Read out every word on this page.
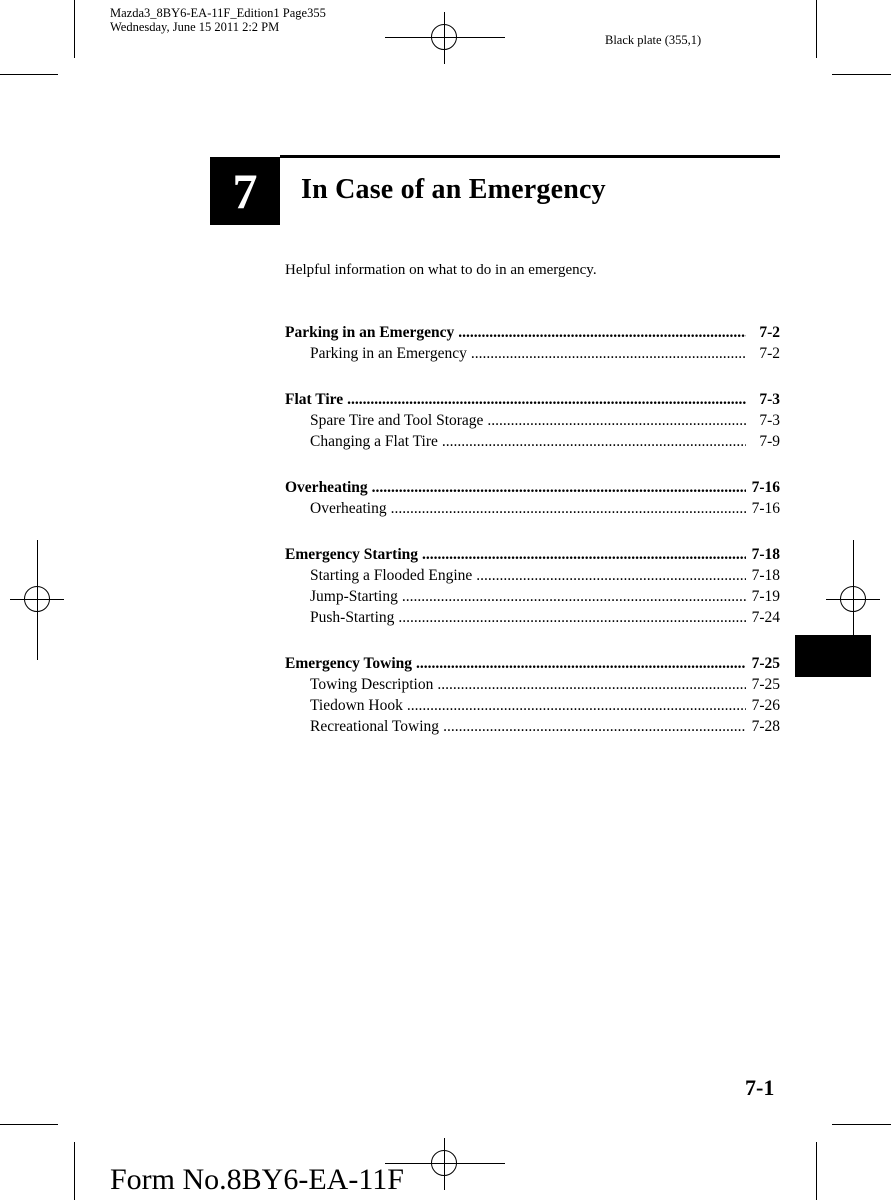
Mazda3_8BY6-EA-11F_Edition1 Page355
Wednesday, June 15 2011 2:2 PM
Black plate (355,1)
7	In Case of an Emergency
Helpful information on what to do in an emergency.
Parking in an Emergency .....	7-2
Parking in an Emergency .....	7-2
Flat Tire .....	7-3
Spare Tire and Tool Storage .....	7-3
Changing a Flat Tire .....	7-9
Overheating .....	7-16
Overheating .....	7-16
Emergency Starting .....	7-18
Starting a Flooded Engine .....	7-18
Jump-Starting .....	7-19
Push-Starting .....	7-24
Emergency Towing .....	7-25
Towing Description .....	7-25
Tiedown Hook .....	7-26
Recreational Towing .....	7-28
7-1
Form No.8BY6-EA-11F
